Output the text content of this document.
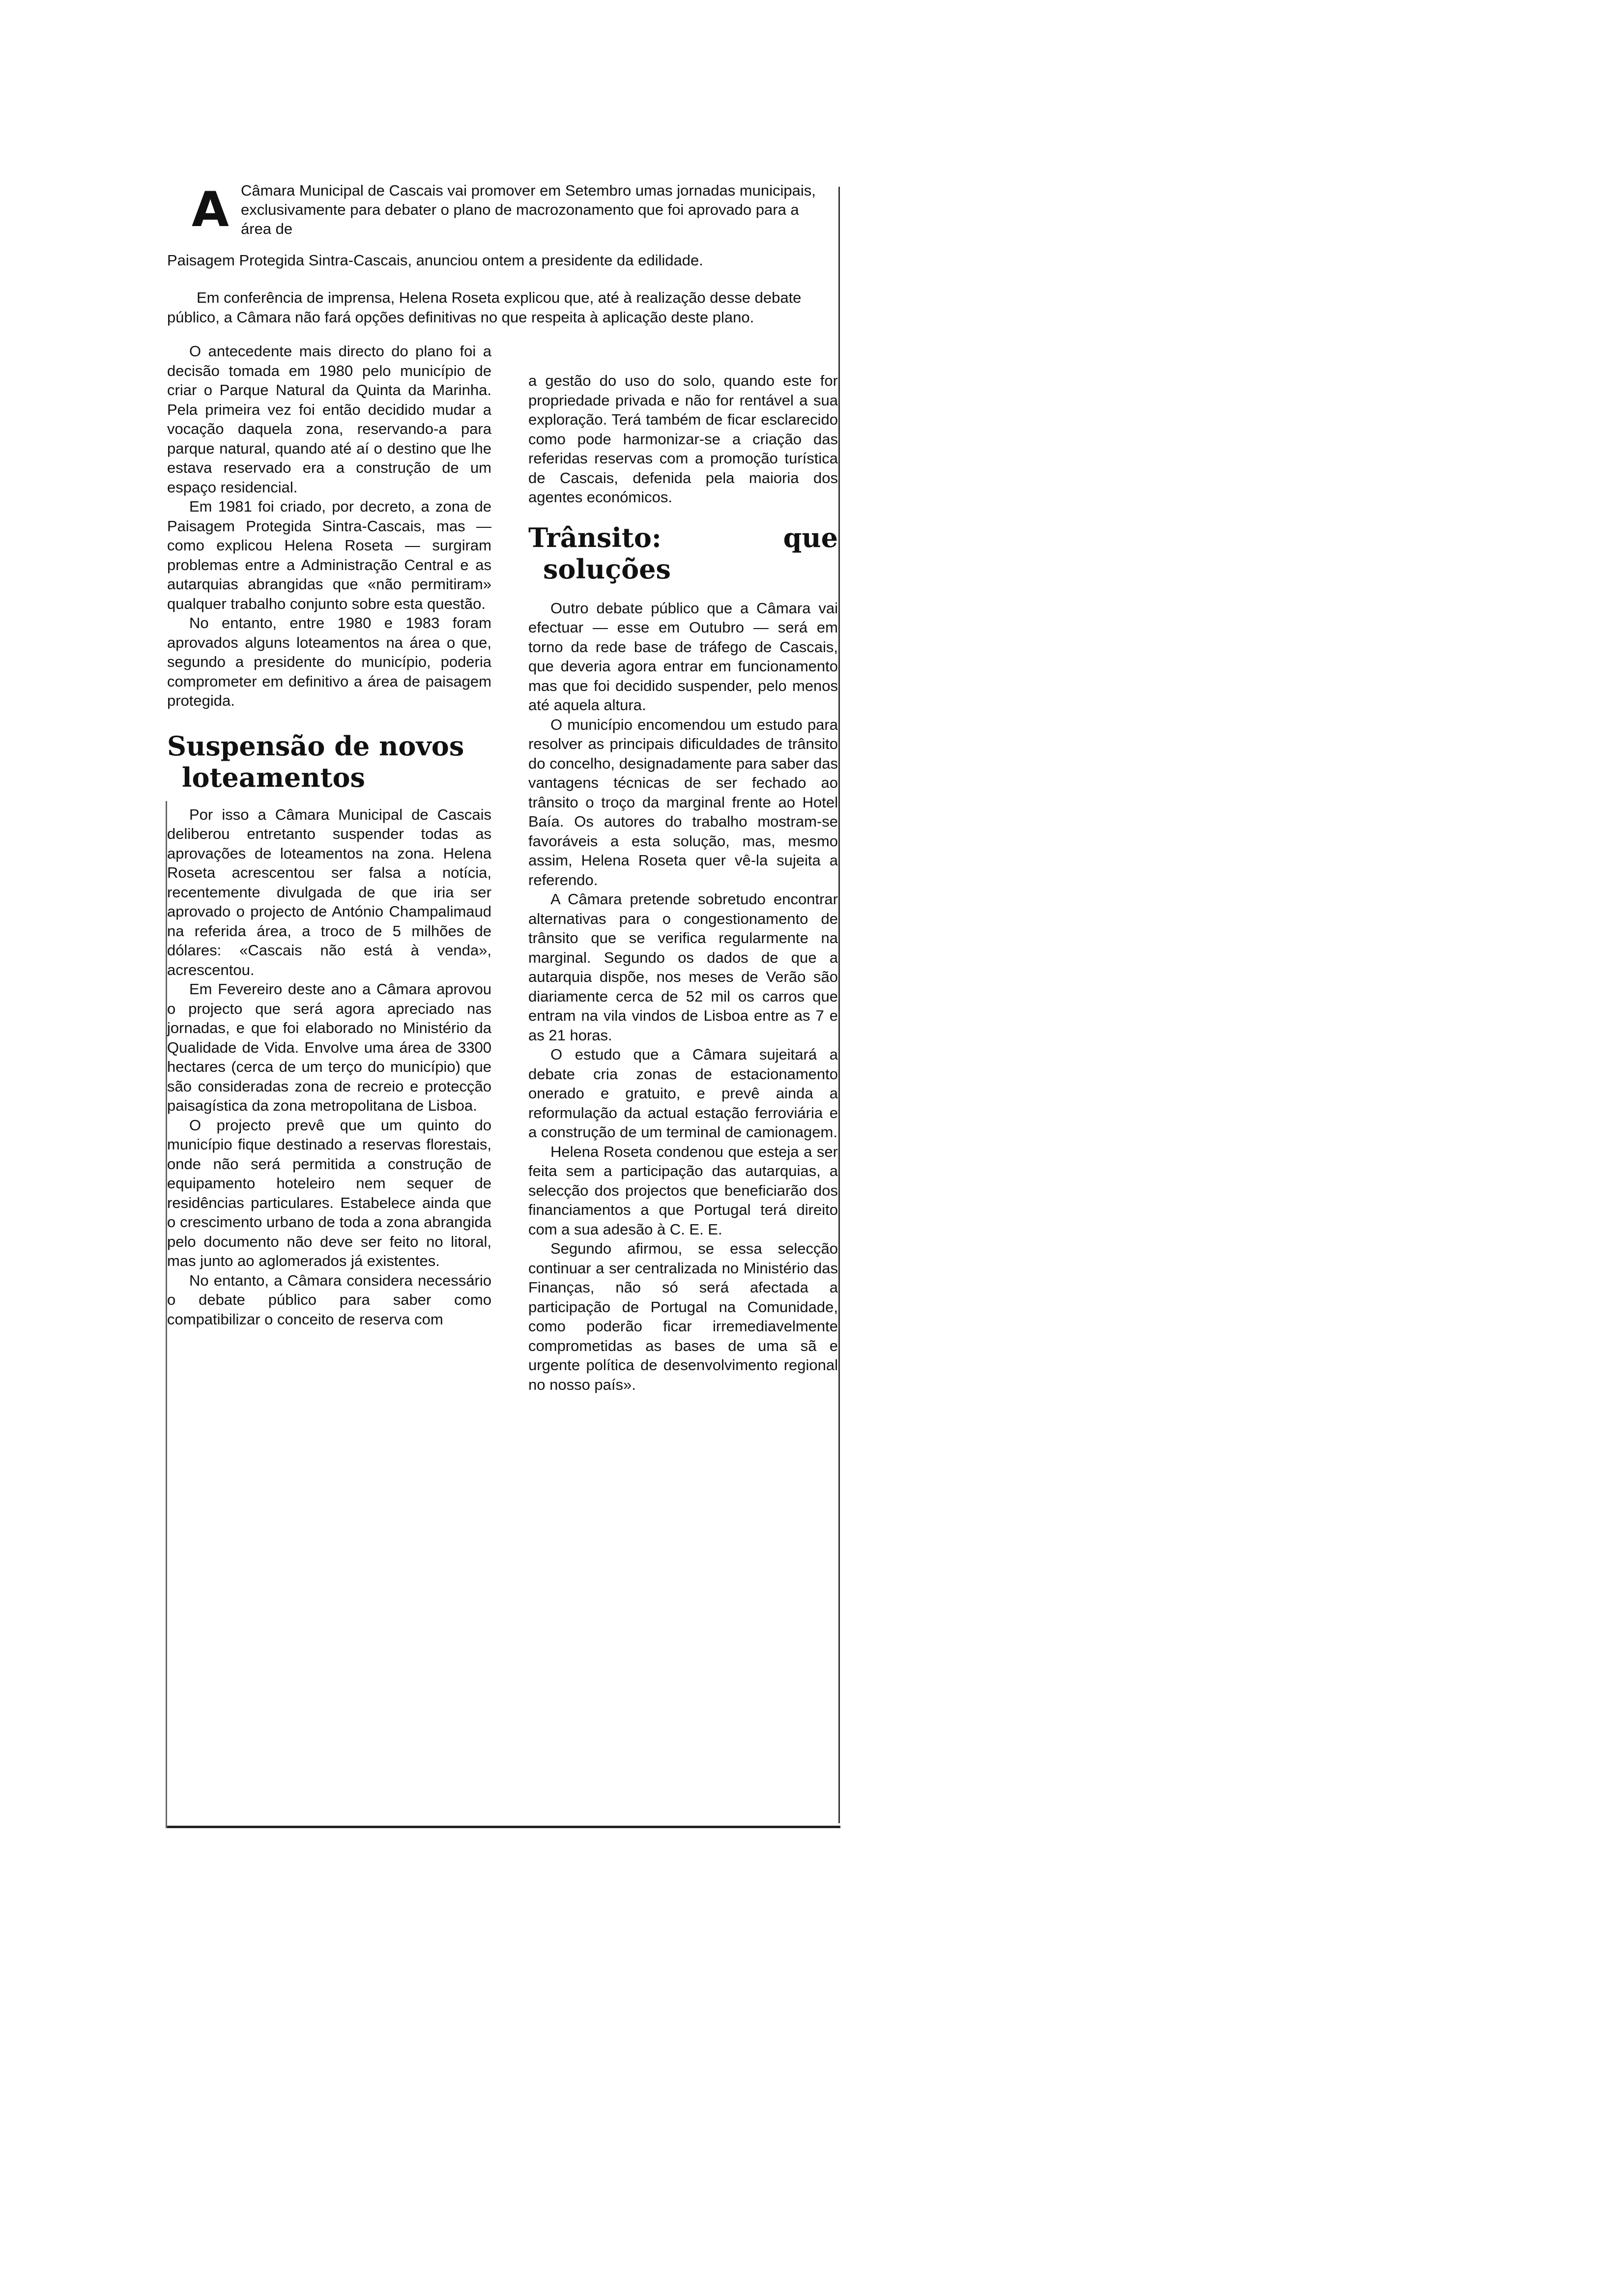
A Câmara Municipal de Cascais vai promover em Setembro umas jornadas municipais, exclusivamente para debater o plano de macrozonamento que foi aprovado para a área de

Paisagem Protegida Sintra-Cascais, anunciou ontem a presidente da edilidade.

Em conferência de imprensa, Helena Roseta explicou que, até à realização desse debate público, a Câmara não fará opções definitivas no que respeita à aplicação deste plano.

O antecedente mais directo do plano foi a decisão tomada em 1980 pelo município de criar o Parque Natural da Quinta da Marinha. Pela primeira vez foi então decidido mudar a vocação daquela zona, reservando-a para parque natural, quando até aí o destino que lhe estava reservado era a construção de um espaço residencial.

Em 1981 foi criado, por decreto, a zona de Paisagem Protegida Sintra-Cascais, mas — como explicou Helena Roseta — surgiram problemas entre a Administração Central e as autarquias abrangidas que «não permitiram» qualquer trabalho conjunto sobre esta questão.

No entanto, entre 1980 e 1983 foram aprovados alguns loteamentos na área o que, segundo a presidente do município, poderia comprometer em definitivo a área de paisagem protegida.

Suspensão de novos
loteamentos

Por isso a Câmara Municipal de Cascais deliberou entretanto suspender todas as aprovações de loteamentos na zona. Helena Roseta acrescentou ser falsa a notícia, recentemente divulgada de que iria ser aprovado o projecto de António Champalimaud na referida área, a troco de 5 milhões de dólares: «Cascais não está à venda», acrescentou.

Em Fevereiro deste ano a Câmara aprovou o projecto que será agora apreciado nas jornadas, e que foi elaborado no Ministério da Qualidade de Vida. Envolve uma área de 3300 hectares (cerca de um terço do município) que são consideradas zona de recreio e protecção paisagística da zona metropolitana de Lisboa.

O projecto prevê que um quinto do município fique destinado a reservas florestais, onde não será permitida a construção de equipamento hoteleiro nem sequer de residências particulares. Estabelece ainda que o crescimento urbano de toda a zona abrangida pelo documento não deve ser feito no litoral, mas junto ao aglomerados já existentes.

No entanto, a Câmara considera necessário o debate público para saber como compatibilizar o conceito de reserva com

a gestão do uso do solo, quando este for propriedade privada e não for rentável a sua exploração. Terá também de ficar esclarecido como pode harmonizar-se a criação das referidas reservas com a promoção turística de Cascais, defenida pela maioria dos agentes económicos.

Trânsito:	que
soluções

Outro debate público que a Câmara vai efectuar — esse em Outubro — será em torno da rede base de tráfego de Cascais, que deveria agora entrar em funcionamento mas que foi decidido suspender, pelo menos até aquela altura.

O município encomendou um estudo para resolver as principais dificuldades de trânsito do concelho, designadamente para saber das vantagens técnicas de ser fechado ao trânsito o troço da marginal frente ao Hotel Baía. Os autores do trabalho mostram-se favoráveis a esta solução, mas, mesmo assim, Helena Roseta quer vê-la sujeita a referendo.

A Câmara pretende sobretudo encontrar alternativas para o congestionamento de trânsito que se verifica regularmente na marginal. Segundo os dados de que a autarquia dispõe, nos meses de Verão são diariamente cerca de 52 mil os carros que entram na vila vindos de Lisboa entre as 7 e as 21 horas.

O estudo que a Câmara sujeitará a debate cria zonas de estacionamento onerado e gratuito, e prevê ainda a reformulação da actual estação ferroviária e a construção de um terminal de camionagem.

Helena Roseta condenou que esteja a ser feita sem a participação das autarquias, a selecção dos projectos que beneficiarão dos financiamentos a que Portugal terá direito com a sua adesão à C. E. E.

Segundo afirmou, se essa selecção continuar a ser centralizada no Ministério das Finanças, não só será afectada a participação de Portugal na Comunidade, como poderão ficar irremediavelmente comprometidas as bases de uma sã e urgente política de desenvolvimento regional no nosso país».
